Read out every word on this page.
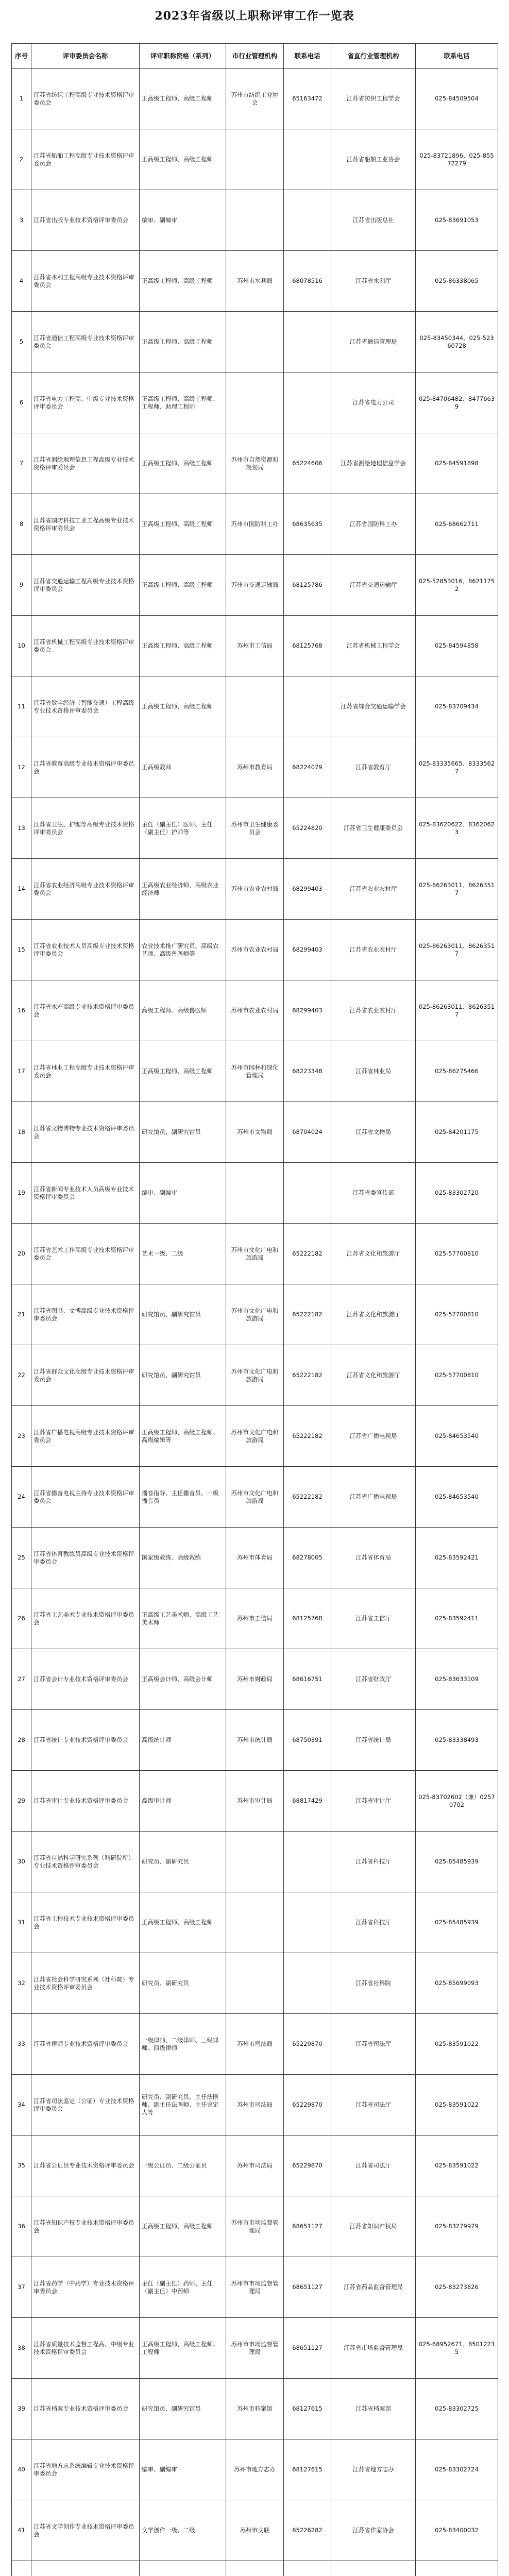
2023年省级以上职称评审工作一览表
序号	评审委员会名称	评审职称资格（系列）	市行业管理机构	联系电话	省直行业管理机构	联系电话
1	江苏省纺织工程高级专业技术资格评审委员会	正高级工程师、高级工程师	苏州市纺织工业协会	65163472	江苏省纺织工程学会	025-84509504
2	江苏省船舶工程高级专业技术资格评审委员会	正高级工程师、高级工程师			江苏省船舶工业协会	025-83721896、025-85572279
3	江苏省出版专业技术资格评审委员会	编审、副编审			江苏省出版总社	025-83691053
4	江苏省水利工程高级专业技术资格评审委员会	正高级工程师、高级工程师	苏州市水利局	68078516	江苏省水利厅	025-86338065
5	江苏省通信工程高级专业技术资格评审委员会	正高级工程师、高级工程师			江苏省通信管理局	025-83450344、025-52360728
6	江苏省电力工程高、中级专业技术资格评审委员会	正高级工程师、高级工程师、工程师、助理工程师			江苏省电力公司	025-84706482、84776639
7	江苏省测绘地理信息工程高级专业技术资格评审委员会	正高级工程师、高级工程师	苏州市自然资源和规划局	65224606	江苏省测绘地理信息学会	025-84591898
8	江苏省国防科技工业工程高级专业技术资格评审委员会	正高级工程师、高级工程师	苏州市国防科工办	68635635	江苏省国防科工办	025-68662711
9	江苏省交通运输工程高级专业技术资格评审委员会	正高级工程师、高级工程师	苏州市交通运输局	68125786	江苏省交通运输厅	025-52853016、86211752
10	江苏省机械工程高级专业技术资格评审委员会	正高级工程师、高级工程师	苏州市工信局	68125768	江苏省机械工程学会	025-84594858
11	江苏省数字经济（智能交通）工程高级专业技术资格评审委员会	正高级工程师、高级工程师			江苏省综合交通运输学会	025-83709434
12	江苏省教育高级专业技术资格评审委员会	正高级教师	苏州市教育局	68224079	江苏省教育厅	025-83335665、83335627
13	江苏省卫生、护理等高级专业技术资格评审委员会	主任（副主任）医师、主任（副主任）护师等	苏州市卫生健康委员会	65224820	江苏省卫生健康委员会	025-83620622、83620623
14	江苏省农业经济高级专业技术资格评审委员会	正高级农业经济师、高级农业经济师	苏州市农业农村局	68299403	江苏省农业农村厅	025-86263011、86263517
15	江苏省农业技术人员高级专业技术资格评审委员会	农业技术推广研究员、高级农艺师、高级兽医师等	苏州市农业农村局	68299403	江苏省农业农村厅	025-86263011、86263517
16	江苏省水产高级专业技术资格评审委员会	高级工程师、高级兽医师	苏州市农业农村局	68299403	江苏省农业农村厅	025-86263011、86263517
17	江苏省林业工程高级专业技术资格评审委员会	正高级工程师、高级工程师	苏州市园林和绿化管理局	68223348	江苏省林业局	025-86275466
18	江苏省文物博物专业技术资格评审委员会	研究馆员、副研究馆员	苏州市文物局	68704024	江苏省文物局	025-84201175
19	江苏省新闻专业技术人员高级专业技术资格评审委员会	编审、副编审			江苏省委宣传部	025-83302720
20	江苏省艺术工作高级专业技术资格评审委员会	艺术一级、二级	苏州市文化广电和旅游局	65222182	江苏省文化和旅游厅	025-57700810
21	江苏省图书、文博高级专业技术资格评审委员会	研究馆员、副研究馆员	苏州市文化广电和旅游局	65222182	江苏省文化和旅游厅	025-57700810
22	江苏省群众文化高级专业技术资格评审委员会	研究馆员、副研究馆员	苏州市文化广电和旅游局	65222182	江苏省文化和旅游厅	025-57700810
23	江苏省广播电视高级专业技术资格评审委员会	正高级工程师、高级工程师、高级编辑等	苏州市文化广电和旅游局	65222182	江苏省广播电视局	025-84653540
24	江苏省播音电视主持专业技术资格评审委员会	播音指导、主任播音员、一级播音员	苏州市文化广电和旅游局	65222182	江苏省广播电视局	025-84653540
25	江苏省体育教练员高级专业技术资格评审委员会	国家级教练、高级教练	苏州市体育局	68278005	江苏省体育局	025-83592421
26	江苏省工艺美术专业技术资格评审委员会	正高级工艺美术师、高级工艺美术师	苏州市工信局	68125768	江苏省工信厅	025-83592411
27	江苏省会计专业技术资格评审委员会	正高级会计师、高级会计师	苏州市财政局	68616751	江苏省财政厅	025-83633109
28	江苏省统计专业技术资格评审委员会	高级统计师	苏州市统计局	68750391	江苏省统计局	025-83338493
29	江苏省审计专业技术资格评审委员会	高级审计师	苏州市审计局	68817429	江苏省审计厅	025-83702602（兼）02570702
30	江苏省自然科学研究系列（科研院所）专业技术资格评审委员会	研究员、副研究员			江苏省科技厅	025-85485939
31	江苏省工程技术专业技术资格评审委员会	正高级工程师、高级工程师			江苏省科技厅	025-85485939
32	江苏省社会科学研究系列（社科院）专业技术资格评审委员会	研究员、副研究员			江苏省社科院	025-85699093
33	江苏省律师专业技术资格评审委员会	一级律师、二级律师、三级律师、四级律师	苏州市司法局	65229870	江苏省司法厅	025-83591022
34	江苏省司法鉴定（公证）专业技术资格评审委员会	研究员、副研究员、主任法医师、副主任法医师、主任鉴定人等	苏州市司法局	65229870	江苏省司法厅	025-83591022
35	江苏省公证员专业技术资格评审委员会	一级公证员、二级公证员	苏州市司法局	65229870	江苏省司法厅	025-83591022
36	江苏省知识产权专业技术资格评审委员会	正高级工程师、高级工程师	苏州市市场监督管理局	68651127	江苏省知识产权局	025-83279979
37	江苏省药学（中药学）专业技术资格评审委员会	主任（副主任）药师、主任（副主任）中药师	苏州市市场监督管理局	68651127	江苏省药品监督管理局	025-83273826
38	江苏省质量技术监督工程高、中级专业技术资格评审委员会	正高级工程师、高级工程师、工程师	苏州市市场监督管理局	68651127	江苏省市场监督管理局	025-68952671、85012235
39	江苏省档案专业技术资格评审委员会	研究馆员、副研究馆员	苏州市档案馆	68127615	江苏省档案馆	025-83302725
40	江苏省地方志系统编辑专业技术资格评审委员会	编审、副编审	苏州市地方志办	68127615	江苏省地方志办	025-83302724
41	江苏省文学创作专业技术资格评审委员会	文学创作一级、二级	苏州市文联	65226282	江苏省作家协会	025-83400032
